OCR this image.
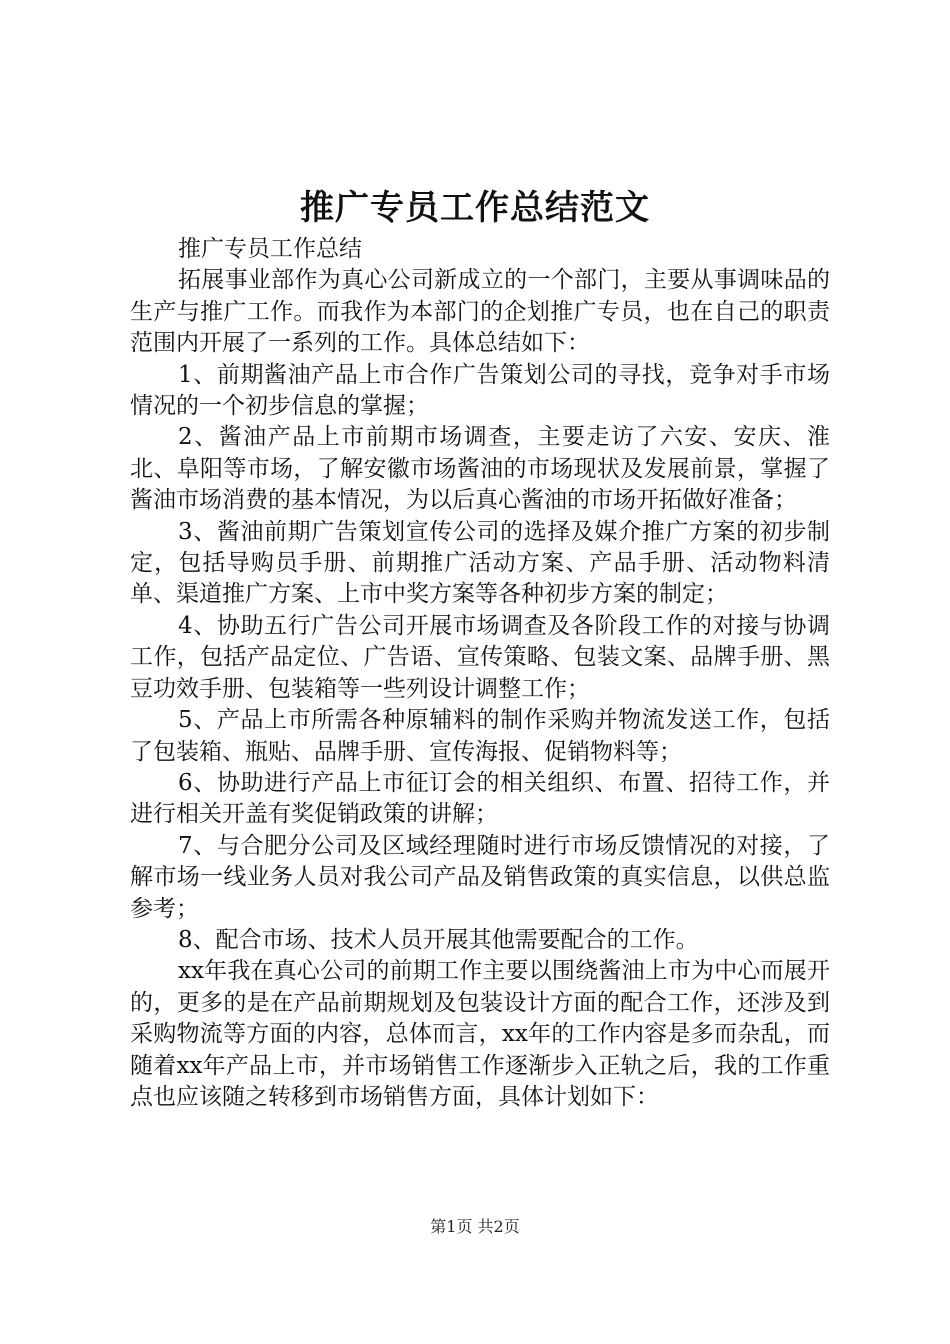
推广专员工作总结范文

推广专员工作总结

拓展事业部作为真心公司新成立的一个部门，主要从事调味品的生产与推广工作。而我作为本部门的企划推广专员，也在自己的职责范围内开展了一系列的工作。具体总结如下：

1、前期酱油产品上市合作广告策划公司的寻找，竞争对手市场情况的一个初步信息的掌握；

2、酱油产品上市前期市场调查，主要走访了六安、安庆、淮北、阜阳等市场，了解安徽市场酱油的市场现状及发展前景，掌握了酱油市场消费的基本情况，为以后真心酱油的市场开拓做好准备；

3、酱油前期广告策划宣传公司的选择及媒介推广方案的初步制定，包括导购员手册、前期推广活动方案、产品手册、活动物料清单、渠道推广方案、上市中奖方案等各种初步方案的制定；

4、协助五行广告公司开展市场调查及各阶段工作的对接与协调工作，包括产品定位、广告语、宣传策略、包装文案、品牌手册、黑豆功效手册、包装箱等一些列设计调整工作；

5、产品上市所需各种原辅料的制作采购并物流发送工作，包括了包装箱、瓶贴、品牌手册、宣传海报、促销物料等；

6、协助进行产品上市征订会的相关组织、布置、招待工作，并进行相关开盖有奖促销政策的讲解；

7、与合肥分公司及区域经理随时进行市场反馈情况的对接，了解市场一线业务人员对我公司产品及销售政策的真实信息，以供总监参考；

8、配合市场、技术人员开展其他需要配合的工作。

xx年我在真心公司的前期工作主要以围绕酱油上市为中心而展开的，更多的是在产品前期规划及包装设计方面的配合工作，还涉及到采购物流等方面的内容，总体而言，xx年的工作内容是多而杂乱，而随着xx年产品上市，并市场销售工作逐渐步入正轨之后，我的工作重点也应该随之转移到市场销售方面，具体计划如下：

第1页 共2页
